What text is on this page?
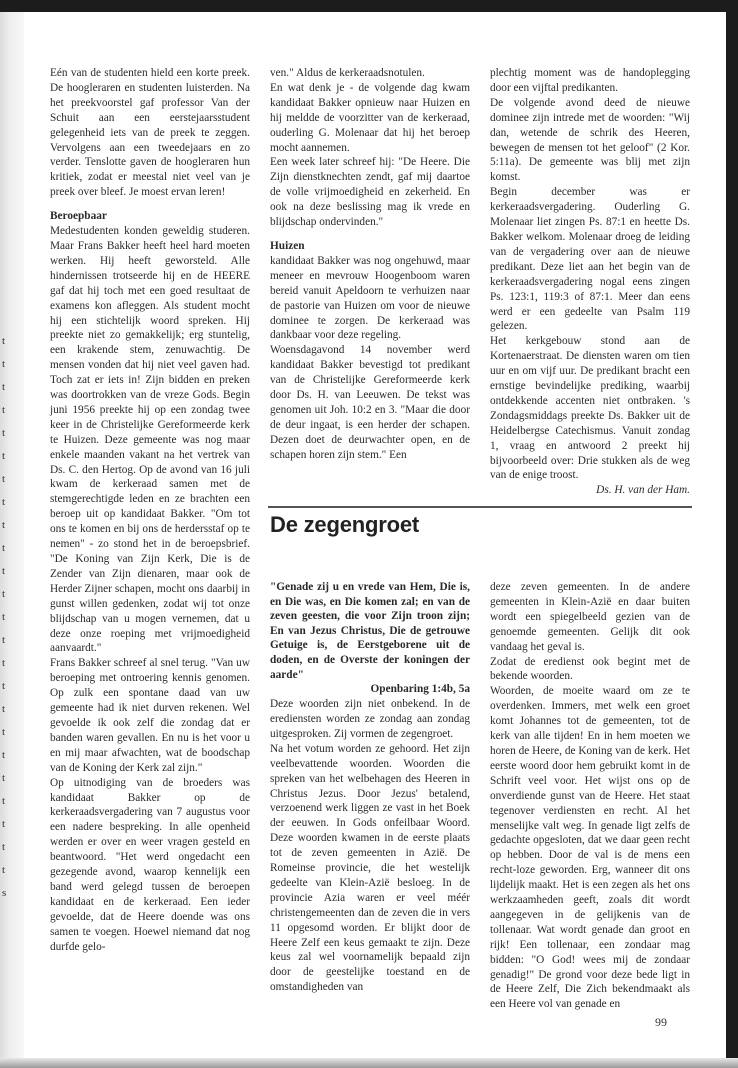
t
t
t
t
t
t
t
t
t
t
t
t
t
t
t
t
t
t
t
t
t
t
t
t
s

Eén van de studenten hield een korte preek. De hoogleraren en studenten luisterden. Na het preekvoorstel gaf professor Van der Schuit aan een eerstejaarsstudent gelegenheid iets van de preek te zeggen. Vervolgens aan een tweedejaars en zo verder. Tenslotte gaven de hoogleraren hun kritiek, zodat er meestal niet veel van je preek over bleef. Je moest ervan leren!

Beroepbaar

Medestudenten konden geweldig studeren. Maar Frans Bakker heeft heel hard moeten werken. Hij heeft geworsteld. Alle hindernissen trotseerde hij en de HEERE gaf dat hij toch met een goed resultaat de examens kon afleggen. Als student mocht hij een stichtelijk woord spreken. Hij preekte niet zo gemakkelijk; erg stuntelig, een krakende stem, zenuwachtig. De mensen vonden dat hij niet veel gaven had. Toch zat er iets in! Zijn bidden en preken was doortrokken van de vreze Gods. Begin juni 1956 preekte hij op een zondag twee keer in de Christelijke Gereformeerde kerk te Huizen. Deze gemeente was nog maar enkele maanden vakant na het vertrek van Ds. C. den Hertog. Op de avond van 16 juli kwam de kerkeraad samen met de stemgerechtigde leden en ze brachten een beroep uit op kandidaat Bakker. "Om tot ons te komen en bij ons de herdersstaf op te nemen" - zo stond het in de beroepsbrief. "De Koning van Zijn Kerk, Die is de Zender van Zijn dienaren, maar ook de Herder Zijner schapen, mocht ons daarbij in gunst willen gedenken, zodat wij tot onze blijdschap van u mogen vernemen, dat u deze onze roeping met vrijmoedigheid aanvaardt."

Frans Bakker schreef al snel terug. "Van uw beroeping met ontroering kennis genomen. Op zulk een spontane daad van uw gemeente had ik niet durven rekenen. Wel gevoelde ik ook zelf die zondag dat er banden waren gevallen. En nu is het voor u en mij maar afwachten, wat de boodschap van de Koning der Kerk zal zijn."

Op uitnodiging van de broeders was kandidaat Bakker op de kerkeraadsvergadering van 7 augustus voor een nadere bespreking. In alle openheid werden er over en weer vragen gesteld en beantwoord. "Het werd ongedacht een gezegende avond, waarop kennelijk een band werd gelegd tussen de beroepen kandidaat en de kerkeraad. Een ieder gevoelde, dat de Heere doende was ons samen te voegen. Hoewel niemand dat nog durfde gelo-

ven." Aldus de kerkeraadsnotulen.

En wat denk je - de volgende dag kwam kandidaat Bakker opnieuw naar Huizen en hij meldde de voorzitter van de kerkeraad, ouderling G. Molenaar dat hij het beroep mocht aannemen.

Een week later schreef hij: "De Heere. Die Zijn dienstknechten zendt, gaf mij daartoe de volle vrijmoedigheid en zekerheid. En ook na deze beslissing mag ik vrede en blijdschap ondervinden."

Huizen

kandidaat Bakker was nog ongehuwd, maar meneer en mevrouw Hoogenboom waren bereid vanuit Apeldoorn te verhuizen naar de pastorie van Huizen om voor de nieuwe dominee te zorgen. De kerkeraad was dankbaar voor deze regeling.

Woensdagavond 14 november werd kandidaat Bakker bevestigd tot predikant van de Christelijke Gereformeerde kerk door Ds. H. van Leeuwen. De tekst was genomen uit Joh. 10:2 en 3. "Maar die door de deur ingaat, is een herder der schapen. Dezen doet de deurwachter open, en de schapen horen zijn stem." Een

plechtig moment was de handoplegging door een vijftal predikanten.

De volgende avond deed de nieuwe dominee zijn intrede met de woorden: "Wij dan, wetende de schrik des Heeren, bewegen de mensen tot het geloof" (2 Kor. 5:11a). De gemeente was blij met zijn komst.

Begin december was er kerkeraadsvergadering. Ouderling G. Molenaar liet zingen Ps. 87:1 en heette Ds. Bakker welkom. Molenaar droeg de leiding van de vergadering over aan de nieuwe predikant. Deze liet aan het begin van de kerkeraadsvergadering nogal eens zingen Ps. 123:1, 119:3 of 87:1. Meer dan eens werd er een gedeelte van Psalm 119 gelezen.

Het kerkgebouw stond aan de Kortenaerstraat. De diensten waren om tien uur en om vijf uur. De predikant bracht een ernstige bevindelijke prediking, waarbij ontdekkende accenten niet ontbraken. 's Zondagsmiddags preekte Ds. Bakker uit de Heidelbergse Catechismus. Vanuit zondag 1, vraag en antwoord 2 preekt hij bijvoorbeeld over: Drie stukken als de weg van de enige troost.

Ds. H. van der Ham.

De zegengroet

"Genade zij u en vrede van Hem, Die is, en Die was, en Die komen zal; en van de zeven geesten, die voor Zijn troon zijn; En van Jezus Christus, Die de getrouwe Getuige is, de Eerstgeborene uit de doden, en de Overste der koningen der aarde"

Openbaring 1:4b, 5a

Deze woorden zijn niet onbekend. In de erediensten worden ze zondag aan zondag uitgesproken. Zij vormen de zegengroet.

Na het votum worden ze gehoord. Het zijn veelbevattende woorden. Woorden die spreken van het welbehagen des Heeren in Christus Jezus. Door Jezus' betalend, verzoenend werk liggen ze vast in het Boek der eeuwen. In Gods onfeilbaar Woord. Deze woorden kwamen in de eerste plaats tot de zeven gemeenten in Azië. De Romeinse provincie, die het westelijk gedeelte van Klein-Azië besloeg. In de provincie Azia waren er veel méér christengemeenten dan de zeven die in vers 11 opgesomd worden. Er blijkt door de Heere Zelf een keus gemaakt te zijn. Deze keus zal wel voornamelijk bepaald zijn door de geestelijke toestand en de omstandigheden van

deze zeven gemeenten. In de andere gemeenten in Klein-Azië en daar buiten wordt een spiegelbeeld gezien van de genoemde gemeenten. Gelijk dit ook vandaag het geval is.

Zodat de eredienst ook begint met de bekende woorden.

Woorden, de moeite waard om ze te overdenken. Immers, met welk een groet komt Johannes tot de gemeenten, tot de kerk van alle tijden! En in hem moeten we horen de Heere, de Koning van de kerk. Het eerste woord door hem gebruikt komt in de Schrift veel voor. Het wijst ons op de onverdiende gunst van de Heere. Het staat tegenover verdiensten en recht. Al het menselijke valt weg. In genade ligt zelfs de gedachte opgesloten, dat we daar geen recht op hebben. Door de val is de mens een recht-loze geworden. Erg, wanneer dit ons lijdelijk maakt. Het is een zegen als het ons werkzaamheden geeft, zoals dit wordt aangegeven in de gelijkenis van de tollenaar. Wat wordt genade dan groot en rijk! Een tollenaar, een zondaar mag bidden: "O God! wees mij de zondaar genadig!" De grond voor deze bede ligt in de Heere Zelf, Die Zich bekendmaakt als een Heere vol van genade en

99
